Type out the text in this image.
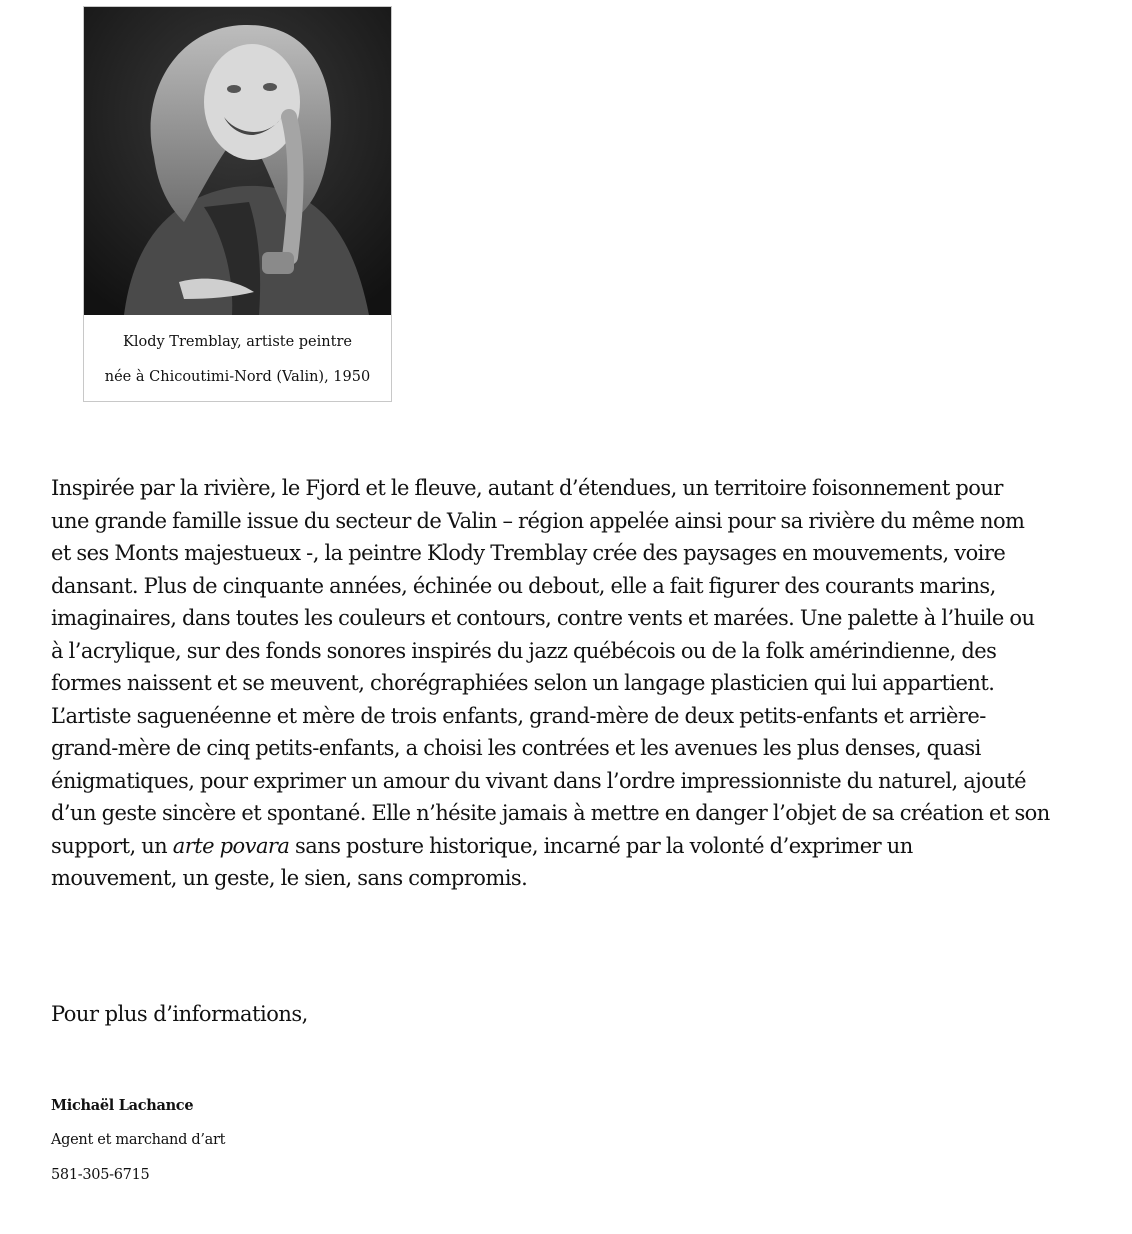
Klody Tremblay, artiste peintre
née à Chicoutimi-Nord (Valin), 1950

Inspirée par la rivière, le Fjord et le fleuve, autant d’étendues, un territoire foisonnement pour
une grande famille issue du secteur de Valin – région appelée ainsi pour sa rivière du même nom
et ses Monts majestueux -, la peintre Klody Tremblay crée des paysages en mouvements, voire
dansant. Plus de cinquante années, échinée ou debout, elle a fait figurer des courants marins,
imaginaires, dans toutes les couleurs et contours, contre vents et marées. Une palette à l’huile ou
à l’acrylique, sur des fonds sonores inspirés du jazz québécois ou de la folk amérindienne, des
formes naissent et se meuvent, chorégraphiées selon un langage plasticien qui lui appartient.
L’artiste saguenéenne et mère de trois enfants, grand-mère de deux petits-enfants et arrière-
grand-mère de cinq petits-enfants, a choisi les contrées et les avenues les plus denses, quasi
énigmatiques, pour exprimer un amour du vivant dans l’ordre impressionniste du naturel, ajouté
d’un geste sincère et spontané. Elle n’hésite jamais à mettre en danger l’objet de sa création et son
support, un arte povara sans posture historique, incarné par la volonté d’exprimer un
mouvement, un geste, le sien, sans compromis.

Pour plus d’informations,

Michaël Lachance
Agent et marchand d’art
581-305-6715
